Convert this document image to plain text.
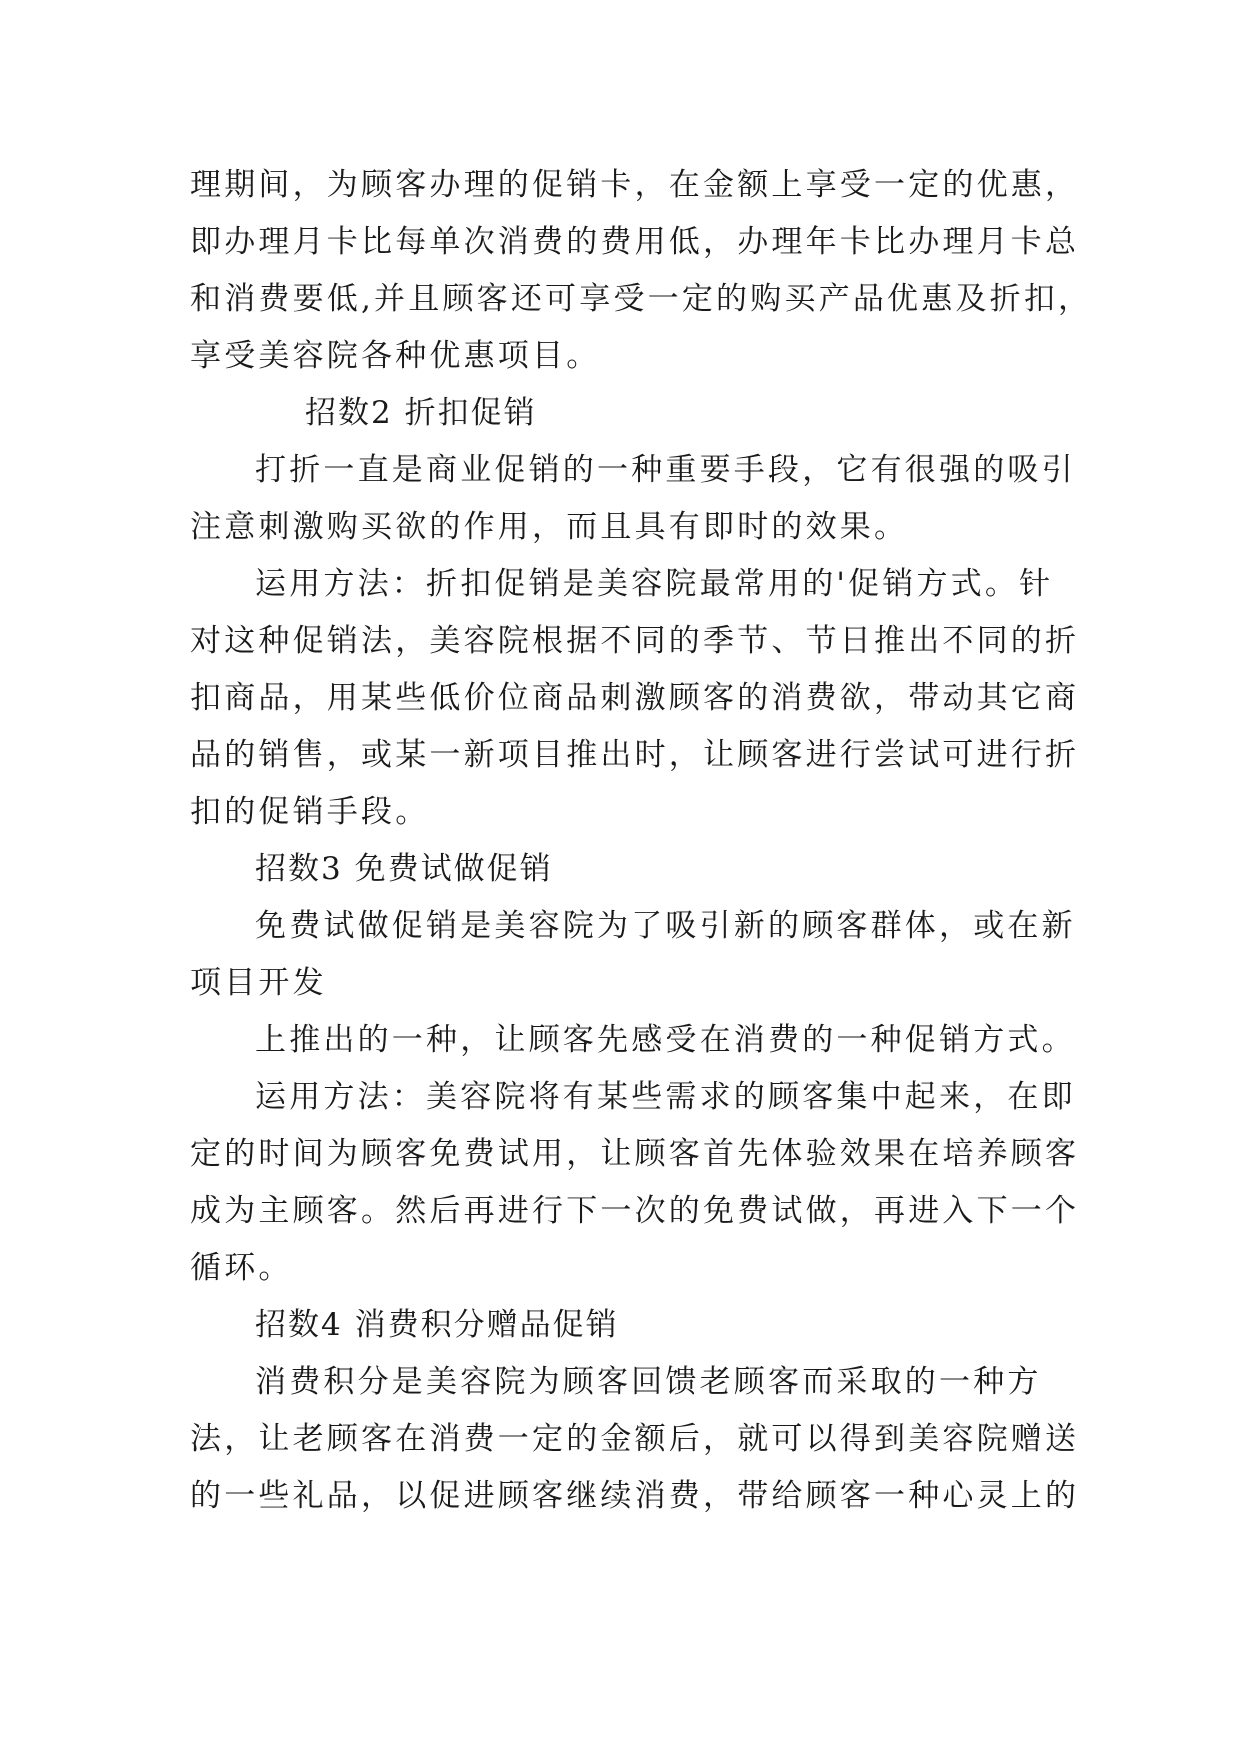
理期间，为顾客办理的促销卡，在金额上享受一定的优惠，
即办理月卡比每单次消费的费用低，办理年卡比办理月卡总
和消费要低,并且顾客还可享受一定的购买产品优惠及折扣，
享受美容院各种优惠项目。
招数2 折扣促销
打折一直是商业促销的一种重要手段，它有很强的吸引
注意刺激购买欲的作用，而且具有即时的效果。
运用方法：折扣促销是美容院最常用的'促销方式。针
对这种促销法，美容院根据不同的季节、节日推出不同的折
扣商品，用某些低价位商品刺激顾客的消费欲，带动其它商
品的销售，或某一新项目推出时，让顾客进行尝试可进行折
扣的促销手段。
招数3 免费试做促销
免费试做促销是美容院为了吸引新的顾客群体，或在新
项目开发
上推出的一种，让顾客先感受在消费的一种促销方式。
运用方法：美容院将有某些需求的顾客集中起来，在即
定的时间为顾客免费试用，让顾客首先体验效果在培养顾客
成为主顾客。然后再进行下一次的免费试做，再进入下一个
循环。
招数4 消费积分赠品促销
消费积分是美容院为顾客回馈老顾客而采取的一种方
法，让老顾客在消费一定的金额后，就可以得到美容院赠送
的一些礼品，以促进顾客继续消费，带给顾客一种心灵上的
